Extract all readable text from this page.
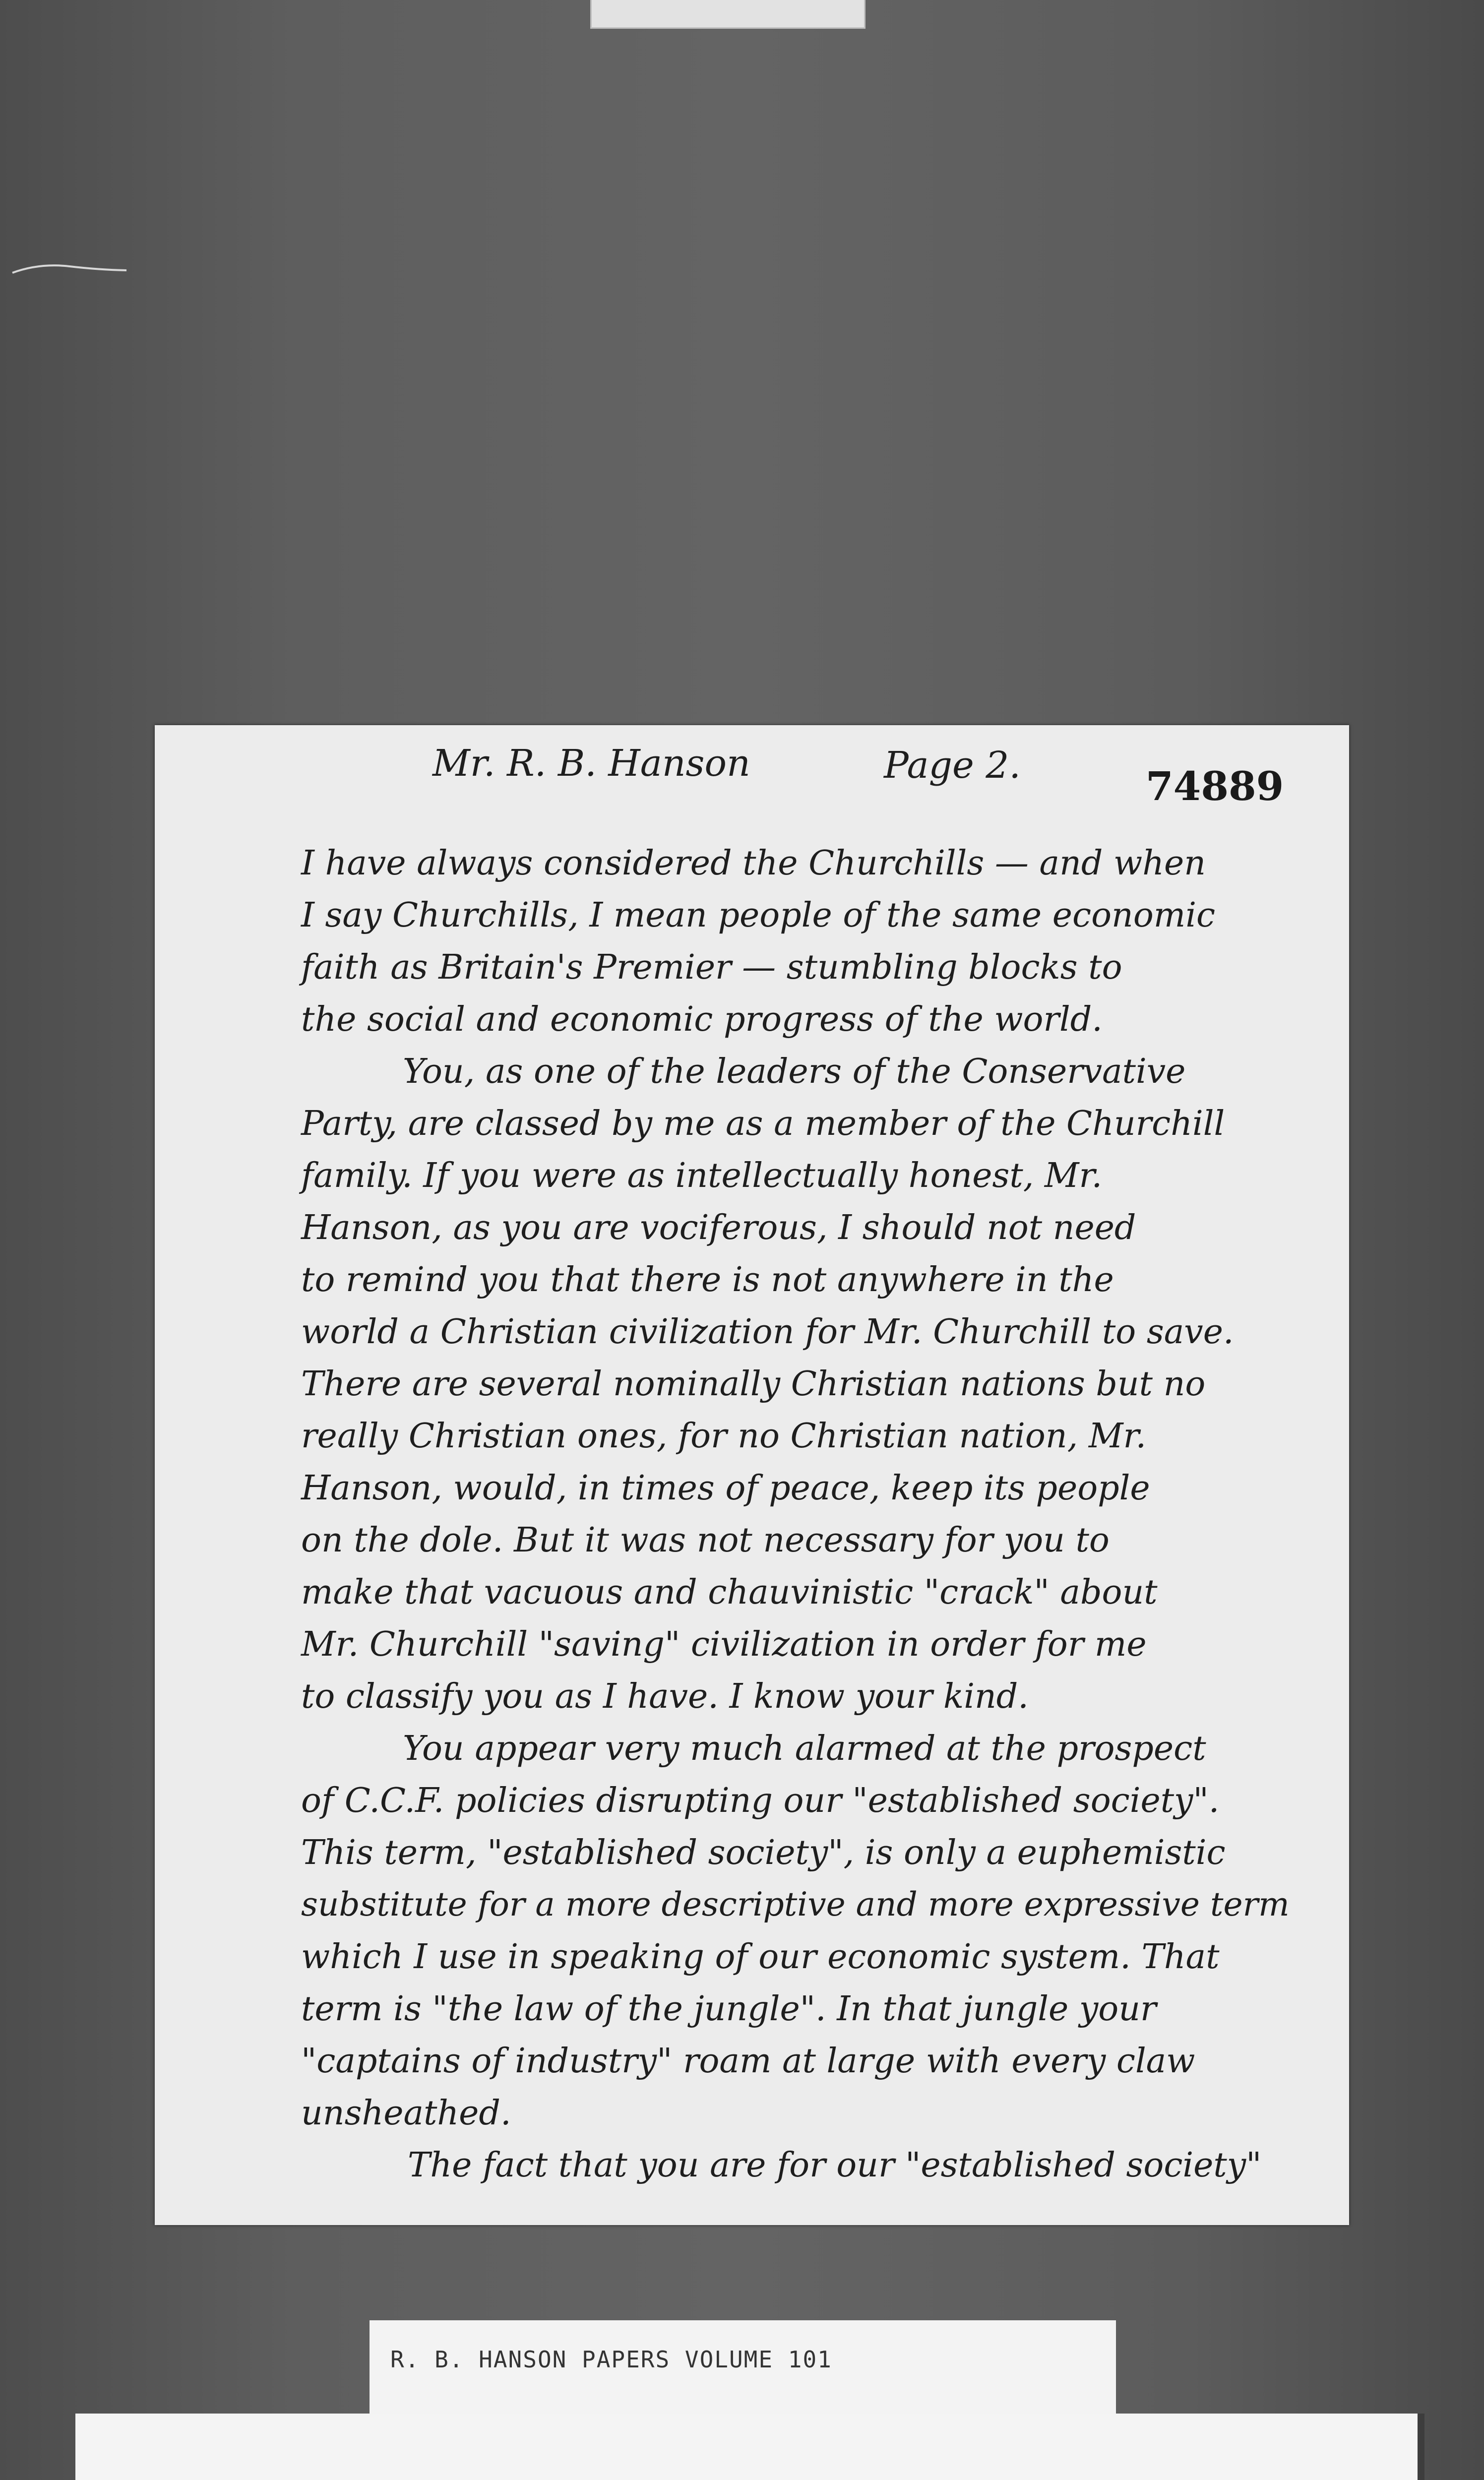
Mr. R. B. Hanson	Page 2.	74889
I have always considered the Churchills — and when
I say Churchills, I mean people of the same economic
faith as Britain's Premier — stumbling blocks to
the social and economic progress of the world.
You, as one of the leaders of the Conservative
Party, are classed by me as a member of the Churchill
family. If you were as intellectually honest, Mr.
Hanson, as you are vociferous, I should not need
to remind you that there is not anywhere in the
world a Christian civilization for Mr. Churchill to save.
There are several nominally Christian nations but no
really Christian ones, for no Christian nation, Mr.
Hanson, would, in times of peace, keep its people
on the dole. But it was not necessary for you to
make that vacuous and chauvinistic "crack" about
Mr. Churchill "saving" civilization in order for me
to classify you as I have. I know your kind.
You appear very much alarmed at the prospect
of C.C.F. policies disrupting our "established society".
This term, "established society", is only a euphemistic
substitute for a more descriptive and more expressive term
which I use in speaking of our economic system. That
term is "the law of the jungle". In that jungle your
"captains of industry" roam at large with every claw
unsheathed.
The fact that you are for our "established society"
R. B. HANSON PAPERS VOLUME 101
